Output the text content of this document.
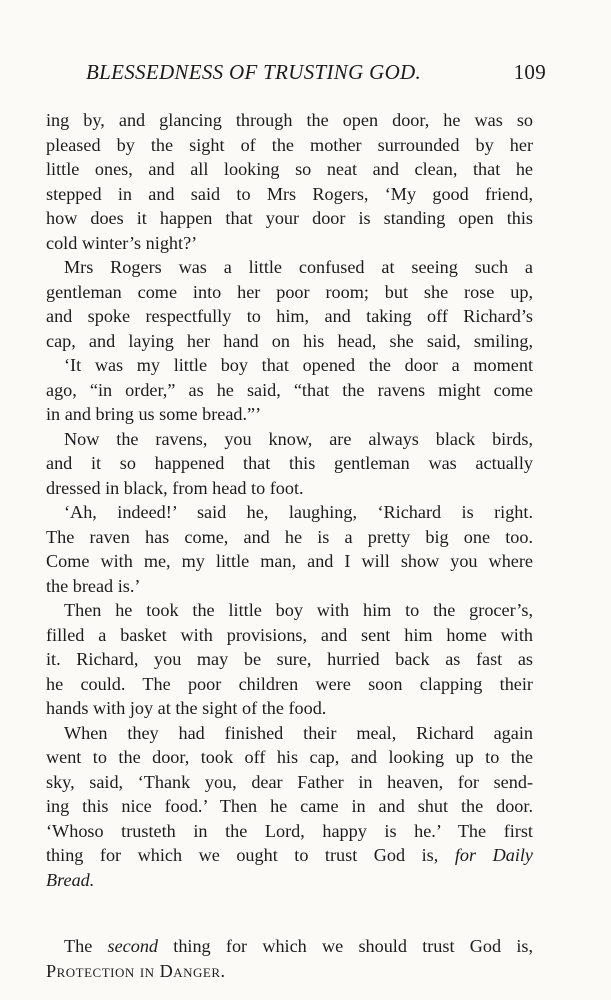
BLESSEDNESS OF TRUSTING GOD.	109
ing by, and glancing through the open door, he was so
pleased by the sight of the mother surrounded by her
little ones, and all looking so neat and clean, that he
stepped in and said to Mrs Rogers, ‘My good friend,
how does it happen that your door is standing open this
cold winter’s night?’
Mrs Rogers was a little confused at seeing such a
gentleman come into her poor room; but she rose up,
and spoke respectfully to him, and taking off Richard’s
cap, and laying her hand on his head, she said, smiling,
‘It was my little boy that opened the door a moment
ago, “in order,” as he said, “that the ravens might come
in and bring us some bread.”’
Now the ravens, you know, are always black birds,
and it so happened that this gentleman was actually
dressed in black, from head to foot.
‘Ah, indeed!’ said he, laughing, ‘Richard is right.
The raven has come, and he is a pretty big one too.
Come with me, my little man, and I will show you where
the bread is.’
Then he took the little boy with him to the grocer’s,
filled a basket with provisions, and sent him home with
it. Richard, you may be sure, hurried back as fast as
he could. The poor children were soon clapping their
hands with joy at the sight of the food.
When they had finished their meal, Richard again
went to the door, took off his cap, and looking up to the
sky, said, ‘Thank you, dear Father in heaven, for send-
ing this nice food.’ Then he came in and shut the door.
‘Whoso trusteth in the Lord, happy is he.’ The first
thing for which we ought to trust God is, for Daily
Bread.
The second thing for which we should trust God is,
Protection in Danger.
